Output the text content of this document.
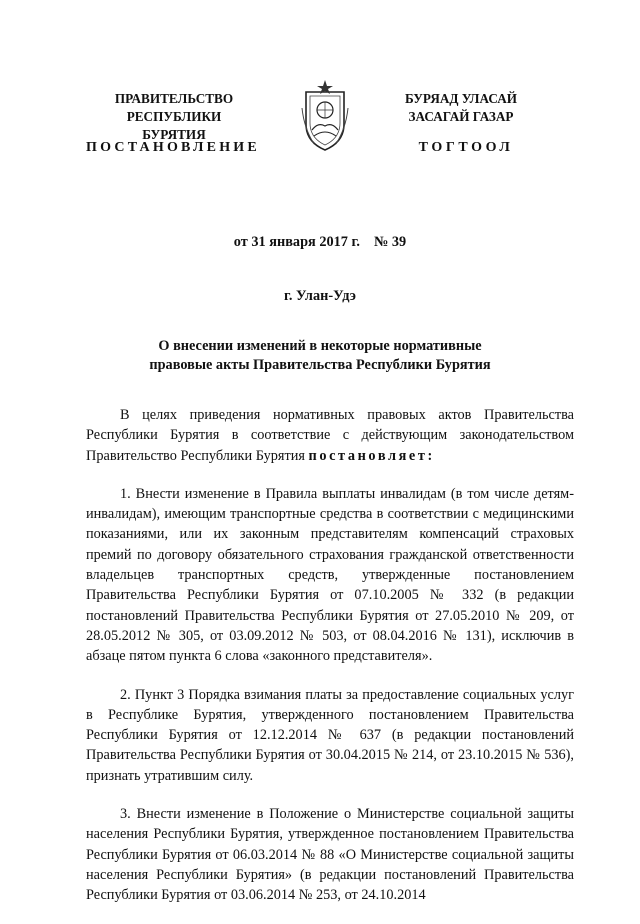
ПРАВИТЕЛЬСТВО
РЕСПУБЛИКИ БУРЯТИЯ
БУРЯАД УЛАСАЙ
ЗАСАГАЙ ГАЗАР
ПОСТАНОВЛЕНИЕ	ТОГТООЛ
от 31 января 2017 г. № 39
г. Улан-Удэ
О внесении изменений в некоторые нормативные
правовые акты Правительства Республики Бурятия

В целях приведения нормативных правовых актов Правительства Республики Бурятия в соответствие с действующим законодательством Правительство Республики Бурятия постановляет:

1. Внести изменение в Правила выплаты инвалидам (в том числе детям-инвалидам), имеющим транспортные средства в соответствии с медицинскими показаниями, или их законным представителям компенсаций страховых премий по договору обязательного страхования гражданской ответственности владельцев транспортных средств, утвержденные постановлением Правительства Республики Бурятия от 07.10.2005 № 332 (в редакции постановлений Правительства Республики Бурятия от 27.05.2010 № 209, от 28.05.2012 № 305, от 03.09.2012 № 503, от 08.04.2016 № 131), исключив в абзаце пятом пункта 6 слова «законного представителя».

2. Пункт 3 Порядка взимания платы за предоставление социальных услуг в Республике Бурятия, утвержденного постановлением Правительства Республики Бурятия от 12.12.2014 № 637 (в редакции постановлений Правительства Республики Бурятия от 30.04.2015 № 214, от 23.10.2015 № 536), признать утратившим силу.

3. Внести изменение в Положение о Министерстве социальной защиты населения Республики Бурятия, утвержденное постановлением Правительства Республики Бурятия от 06.03.2014 № 88 «О Министерстве социальной защиты населения Республики Бурятия» (в редакции постановлений Правительства Республики Бурятия от 03.06.2014 № 253, от 24.10.2014
